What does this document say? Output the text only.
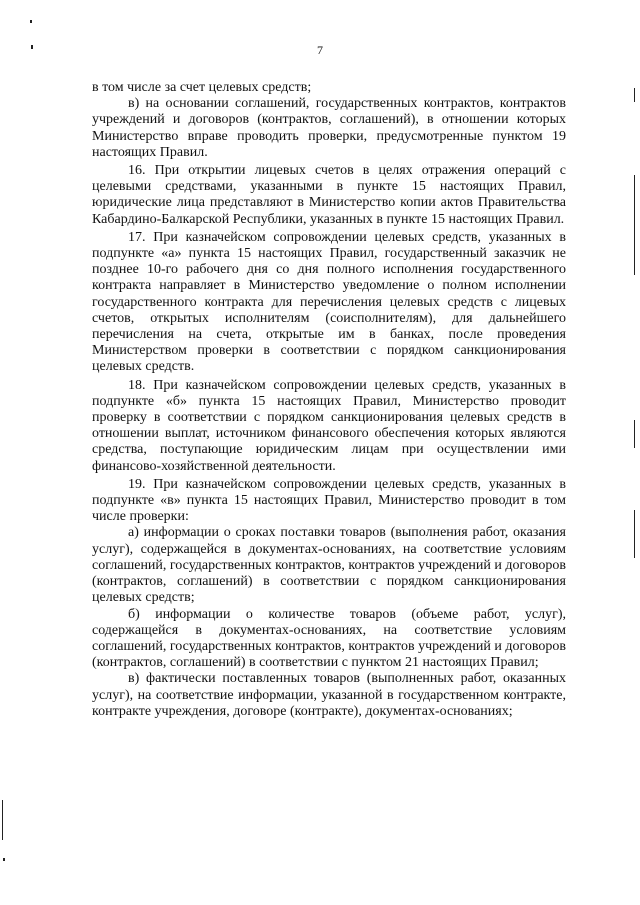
7

в том числе за счет целевых средств;

в) на основании соглашений, государственных контрактов, контрактов учреждений и договоров (контрактов, соглашений), в отношении которых Министерство вправе проводить проверки, предусмотренные пунктом 19 настоящих Правил.

16. При открытии лицевых счетов в целях отражения операций с целевыми средствами, указанными в пункте 15 настоящих Правил, юридические лица представляют в Министерство копии актов Правительства Кабардино-Балкарской Республики, указанных в пункте 15 настоящих Правил.

17. При казначейском сопровождении целевых средств, указанных в подпункте «а» пункта 15 настоящих Правил, государственный заказчик не позднее 10-го рабочего дня со дня полного исполнения государственного контракта направляет в Министерство уведомление о полном исполнении государственного контракта для перечисления целевых средств с лицевых счетов, открытых исполнителям (соисполнителям), для дальнейшего перечисления на счета, открытые им в банках, после проведения Министерством проверки в соответствии с порядком санкционирования целевых средств.

18. При казначейском сопровождении целевых средств, указанных в подпункте «б» пункта 15 настоящих Правил, Министерство проводит проверку в соответствии с порядком санкционирования целевых средств в отношении выплат, источником финансового обеспечения которых являются средства, поступающие юридическим лицам при осуществлении ими финансово-хозяйственной деятельности.

19. При казначейском сопровождении целевых средств, указанных в подпункте «в» пункта 15 настоящих Правил, Министерство проводит в том числе проверки:

а) информации о сроках поставки товаров (выполнения работ, оказания услуг), содержащейся в документах-основаниях, на соответствие условиям соглашений, государственных контрактов, контрактов учреждений и договоров (контрактов, соглашений) в соответствии с порядком санкционирования целевых средств;

б) информации о количестве товаров (объеме работ, услуг), содержащейся в документах-основаниях, на соответствие условиям соглашений, государственных контрактов, контрактов учреждений и договоров (контрактов, соглашений) в соответствии с пунктом 21 настоящих Правил;

в) фактически поставленных товаров (выполненных работ, оказанных услуг), на соответствие информации, указанной в государственном контракте, контракте учреждения, договоре (контракте), документах-основаниях;
